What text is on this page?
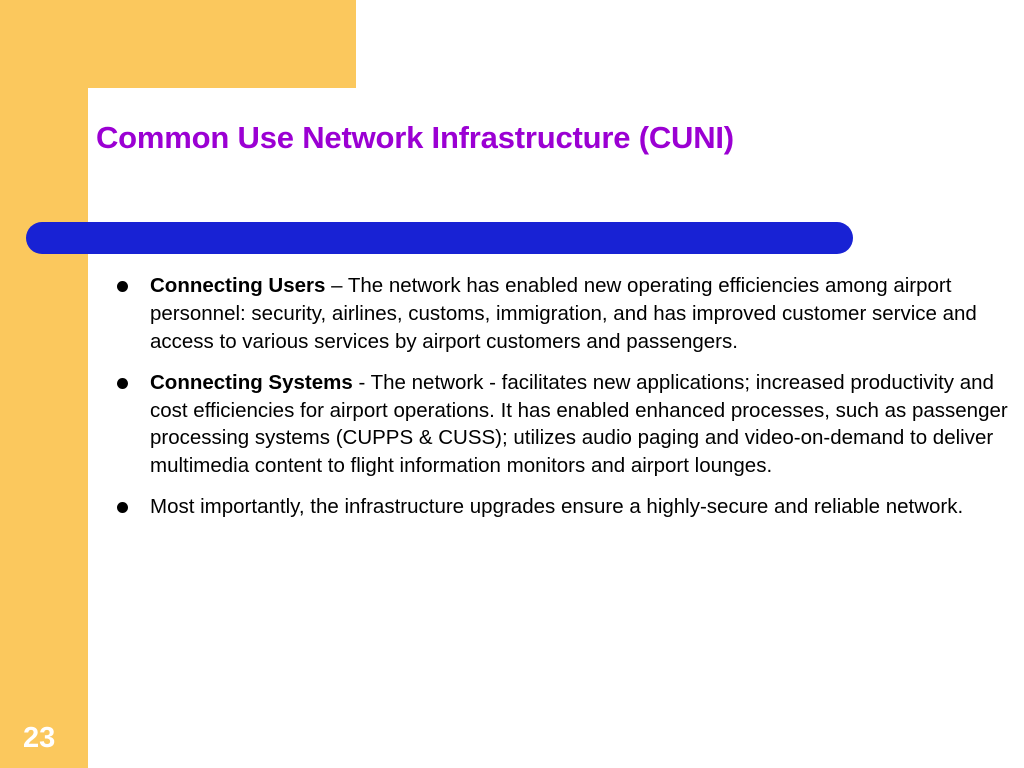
Common Use Network Infrastructure (CUNI)
Connecting Users – The network has enabled new operating efficiencies among airport personnel: security, airlines, customs, immigration, and has improved customer service and access to various services by airport customers and passengers.
Connecting Systems - The network - facilitates new applications; increased productivity and cost efficiencies for airport operations. It has enabled enhanced processes, such as passenger processing systems (CUPPS & CUSS); utilizes audio paging and video-on-demand to deliver multimedia content to flight information monitors and airport lounges.
Most importantly, the infrastructure upgrades ensure a highly-secure and reliable network.
23
